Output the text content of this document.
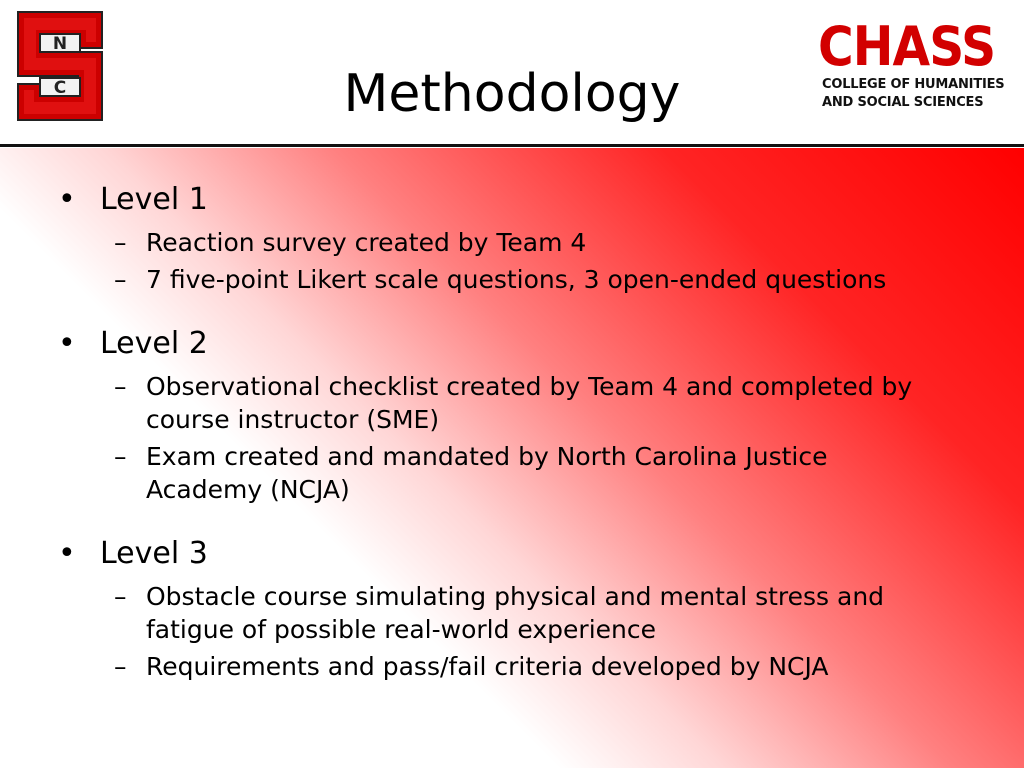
N
C	Methodology
CHASS
COLLEGE OF HUMANITIES
AND SOCIAL SCIENCES
• Level 1
– Reaction survey created by Team 4
– 7 five-point Likert scale questions, 3 open-ended questions
• Level 2
– Observational checklist created by Team 4 and completed by course instructor (SME)
– Exam created and mandated by North Carolina Justice Academy (NCJA)
• Level 3
– Obstacle course simulating physical and mental stress and fatigue of possible real-world experience
– Requirements and pass/fail criteria developed by NCJA
